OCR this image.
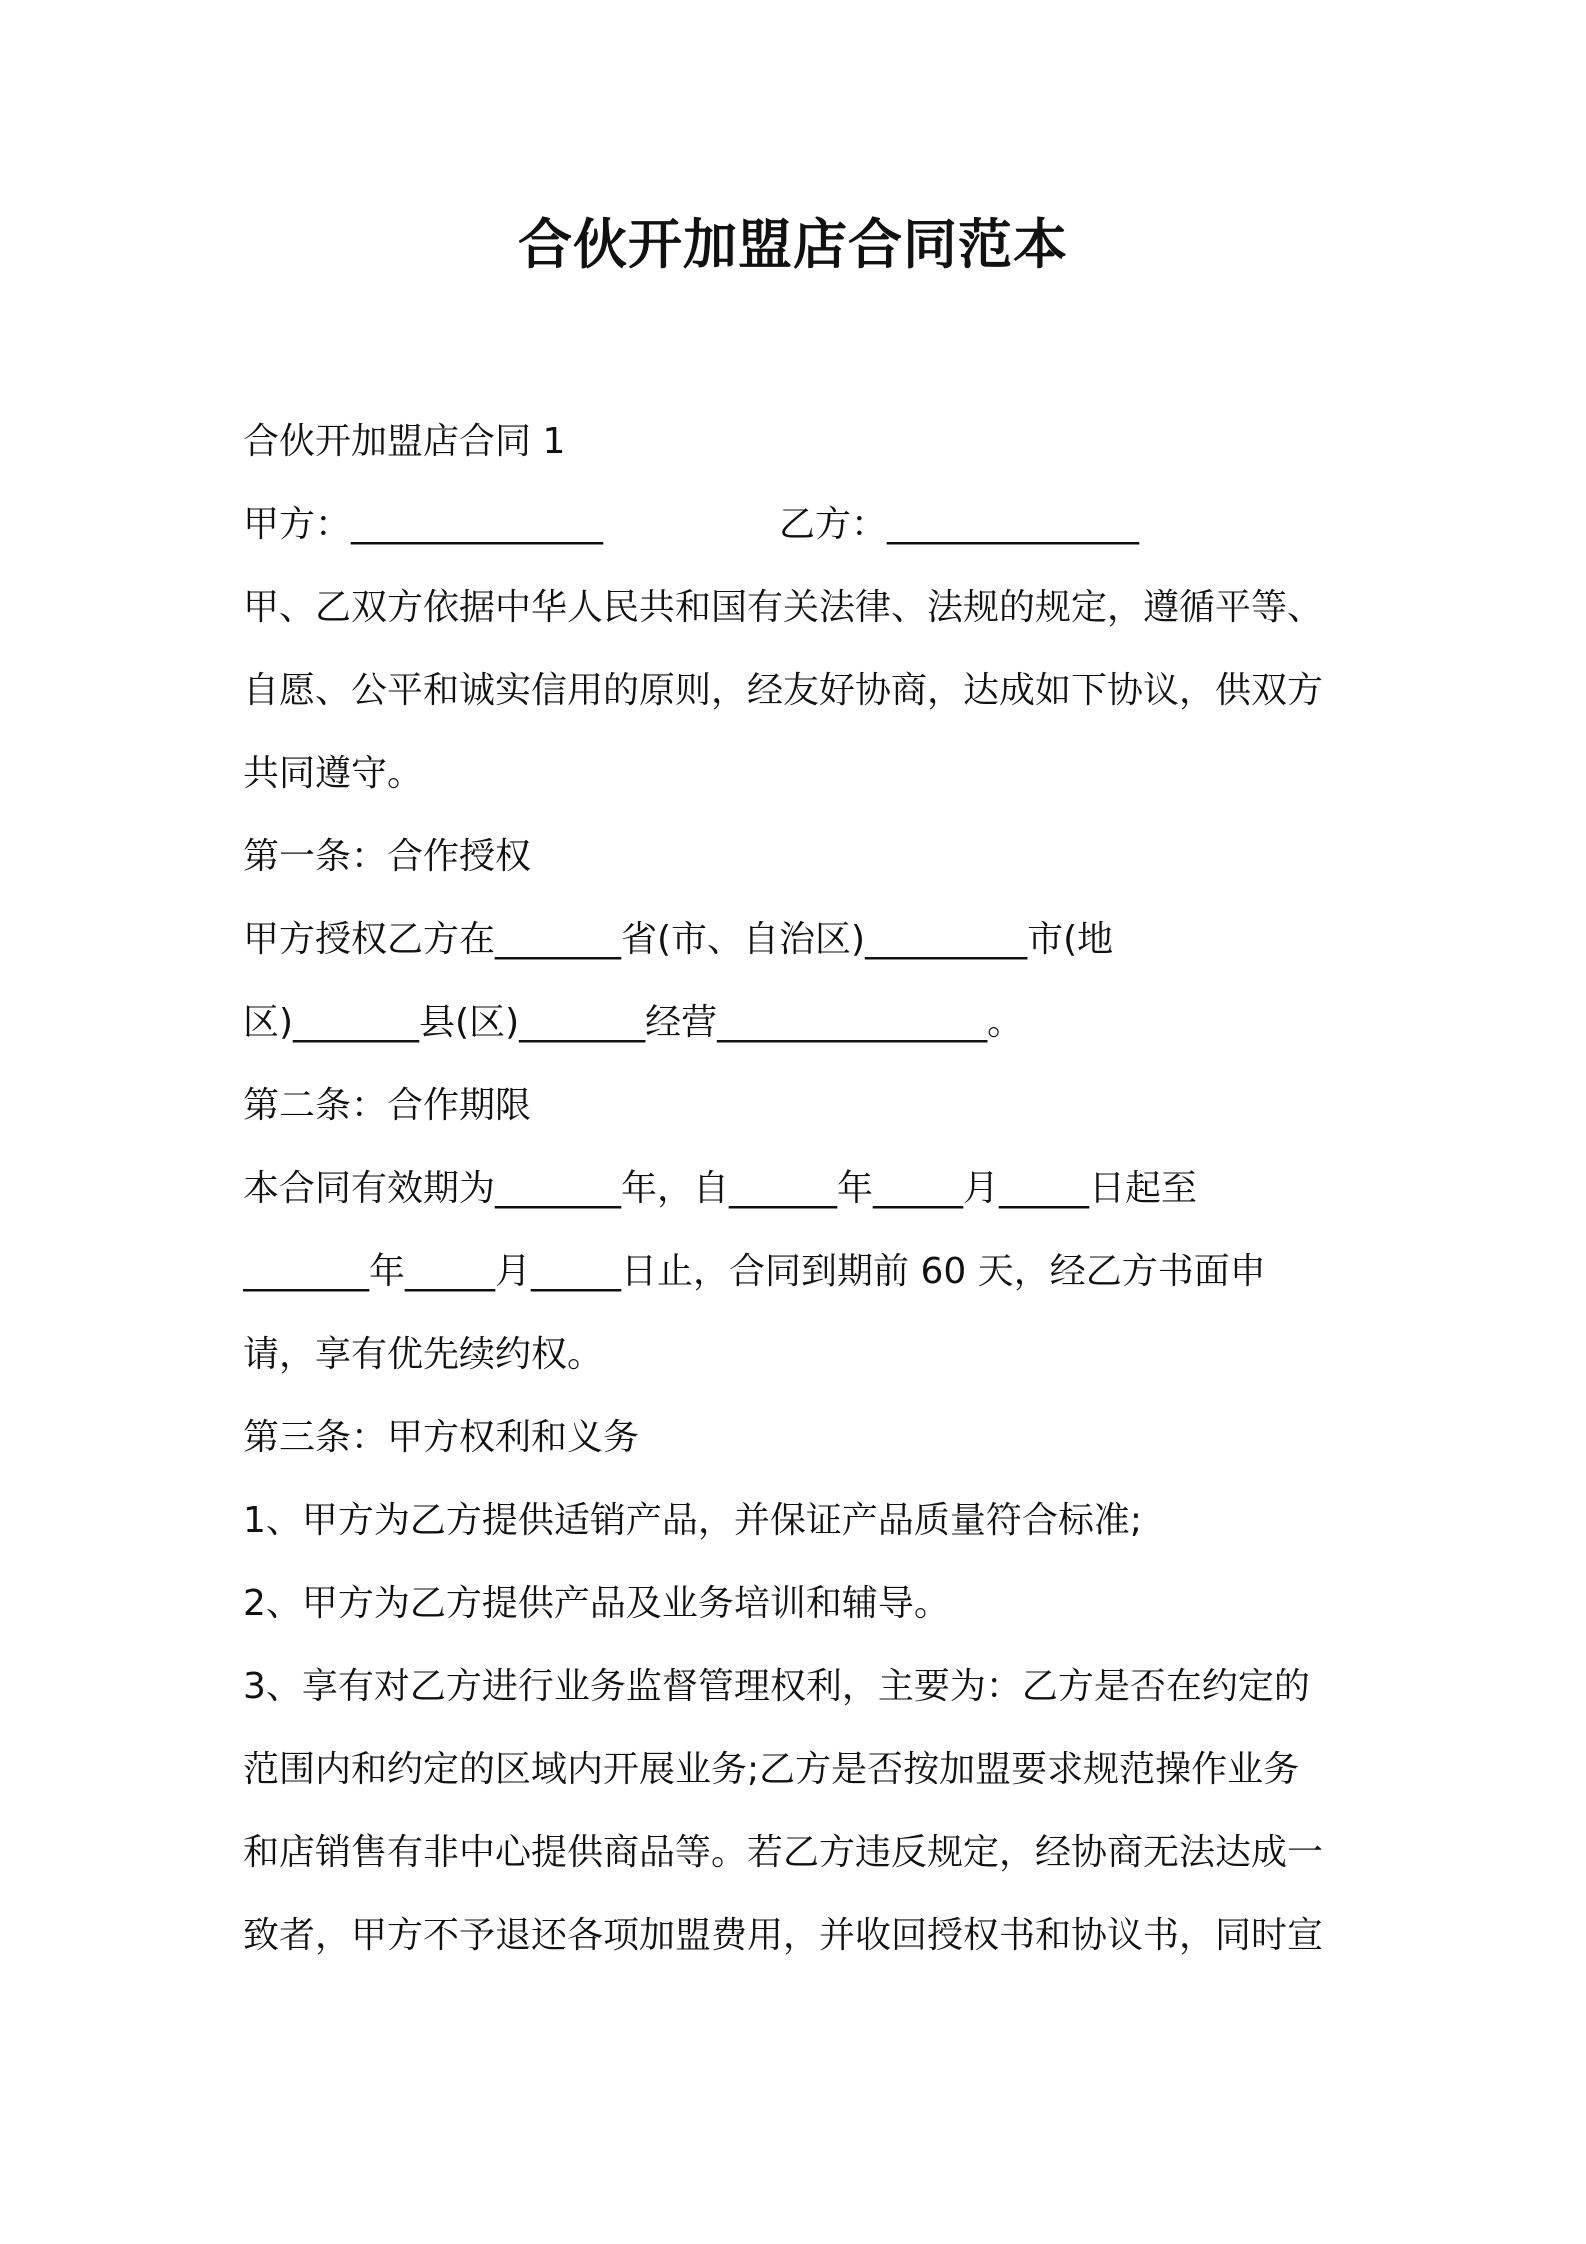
合伙开加盟店合同范本
合伙开加盟店合同 1
甲方：______________	乙方：______________
甲、乙双方依据中华人民共和国有关法律、法规的规定，遵循平等、
自愿、公平和诚实信用的原则，经友好协商，达成如下协议，供双方
共同遵守。
第一条：合作授权
甲方授权乙方在_______省(市、自治区)_________市(地
区)_______县(区)_______经营_______________。
第二条：合作期限
本合同有效期为_______年，自______年_____月_____日起至
_______年_____月_____日止，合同到期前 60 天，经乙方书面申
请，享有优先续约权。
第三条：甲方权利和义务
1、甲方为乙方提供适销产品，并保证产品质量符合标准;
2、甲方为乙方提供产品及业务培训和辅导。
3、享有对乙方进行业务监督管理权利，主要为：乙方是否在约定的
范围内和约定的区域内开展业务;乙方是否按加盟要求规范操作业务
和店销售有非中心提供商品等。若乙方违反规定，经协商无法达成一
致者，甲方不予退还各项加盟费用，并收回授权书和协议书，同时宣
